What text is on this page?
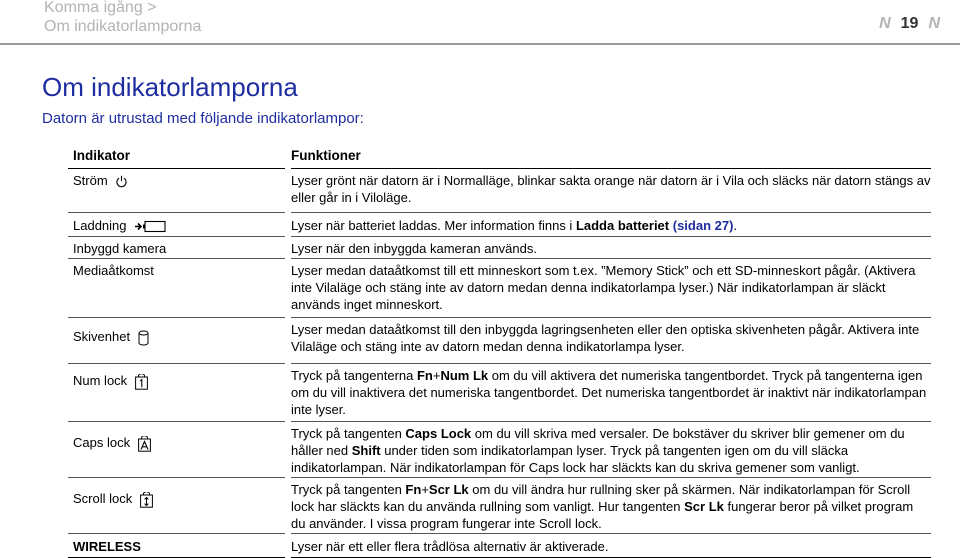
Komma igång >
Om indikatorlamporna	N 19 N
Om indikatorlamporna
Datorn är utrustad med följande indikatorlampor:
Indikator		Funktioner
Ström		Lyser grönt när datorn är i Normalläge, blinkar sakta orange när datorn är i Vila och släcks när datorn stängs av eller går in i Viloläge.
Laddning		Lyser när batteriet laddas. Mer information finns i Ladda batteriet (sidan 27).
Inbyggd kamera		Lyser när den inbyggda kameran används.
Mediaåtkomst		Lyser medan dataåtkomst till ett minneskort som t.ex. ”Memory Stick” och ett SD-minneskort pågår. (Aktivera inte Vilaläge och stäng inte av datorn medan denna indikatorlampa lyser.) När indikatorlampan är släckt används inget minneskort.
Skivenhet		Lyser medan dataåtkomst till den inbyggda lagringsenheten eller den optiska skivenheten pågår. Aktivera inte Vilaläge och stäng inte av datorn medan denna indikatorlampa lyser.
Num lock		Tryck på tangenterna Fn+Num Lk om du vill aktivera det numeriska tangentbordet. Tryck på tangenterna igen om du vill inaktivera det numeriska tangentbordet. Det numeriska tangentbordet är inaktivt när indikatorlampan inte lyser.
Caps lock		Tryck på tangenten Caps Lock om du vill skriva med versaler. De bokstäver du skriver blir gemener om du håller ned Shift under tiden som indikatorlampan lyser. Tryck på tangenten igen om du vill släcka indikatorlampan. När indikatorlampan för Caps lock har släckts kan du skriva gemener som vanligt.
Scroll lock		Tryck på tangenten Fn+Scr Lk om du vill ändra hur rullning sker på skärmen. När indikatorlampan för Scroll lock har släckts kan du använda rullning som vanligt. Hur tangenten Scr Lk fungerar beror på vilket program du använder. I vissa program fungerar inte Scroll lock.
WIRELESS		Lyser när ett eller flera trådlösa alternativ är aktiverade.
